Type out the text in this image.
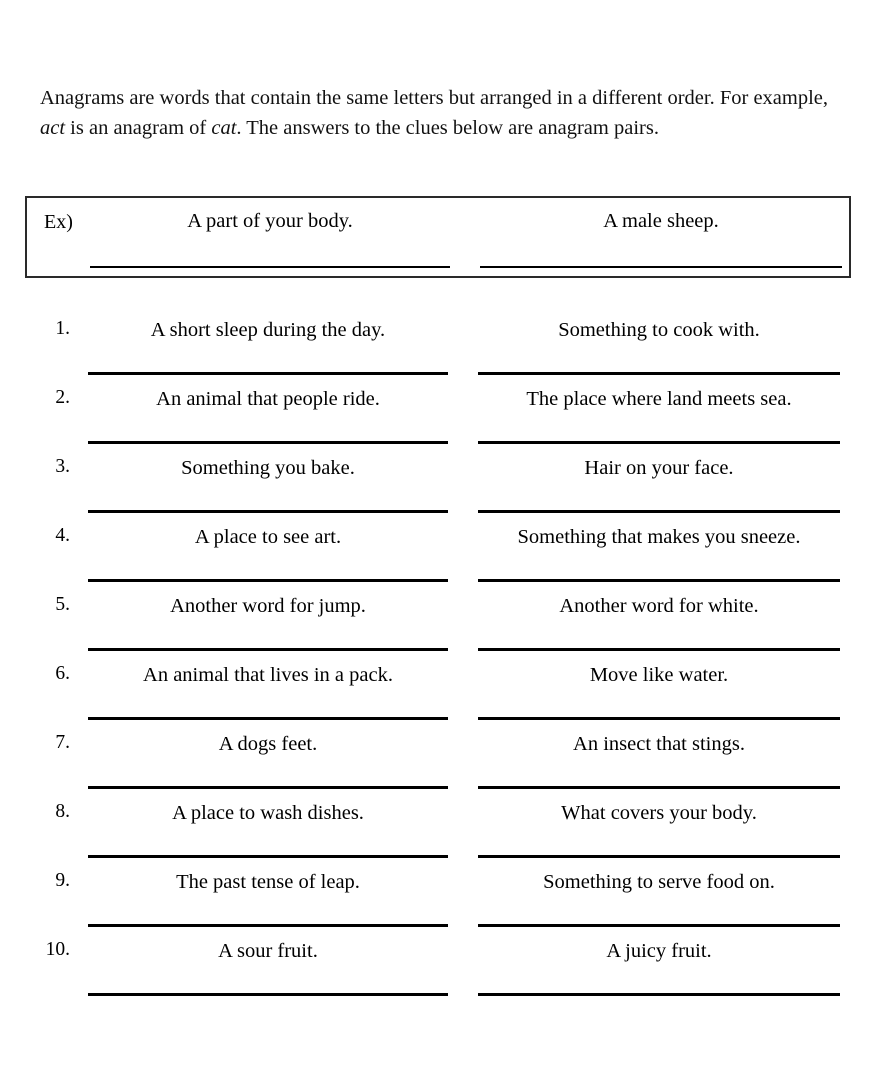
Anagrams are words that contain the same letters but arranged in a different order. For example, act is an anagram of cat. The answers to the clues below are anagram pairs.

Ex)	A part of your body.	A male sheep.
1.	A short sleep during the day.	Something to cook with.
2.	An animal that people ride.	The place where land meets sea.
3.	Something you bake.	Hair on your face.
4.	A place to see art.	Something that makes you sneeze.
5.	Another word for jump.	Another word for white.
6.	An animal that lives in a pack.	Move like water.
7.	A dogs feet.	An insect that stings.
8.	A place to wash dishes.	What covers your body.
9.	The past tense of leap.	Something to serve food on.
10.	A sour fruit.	A juicy fruit.
